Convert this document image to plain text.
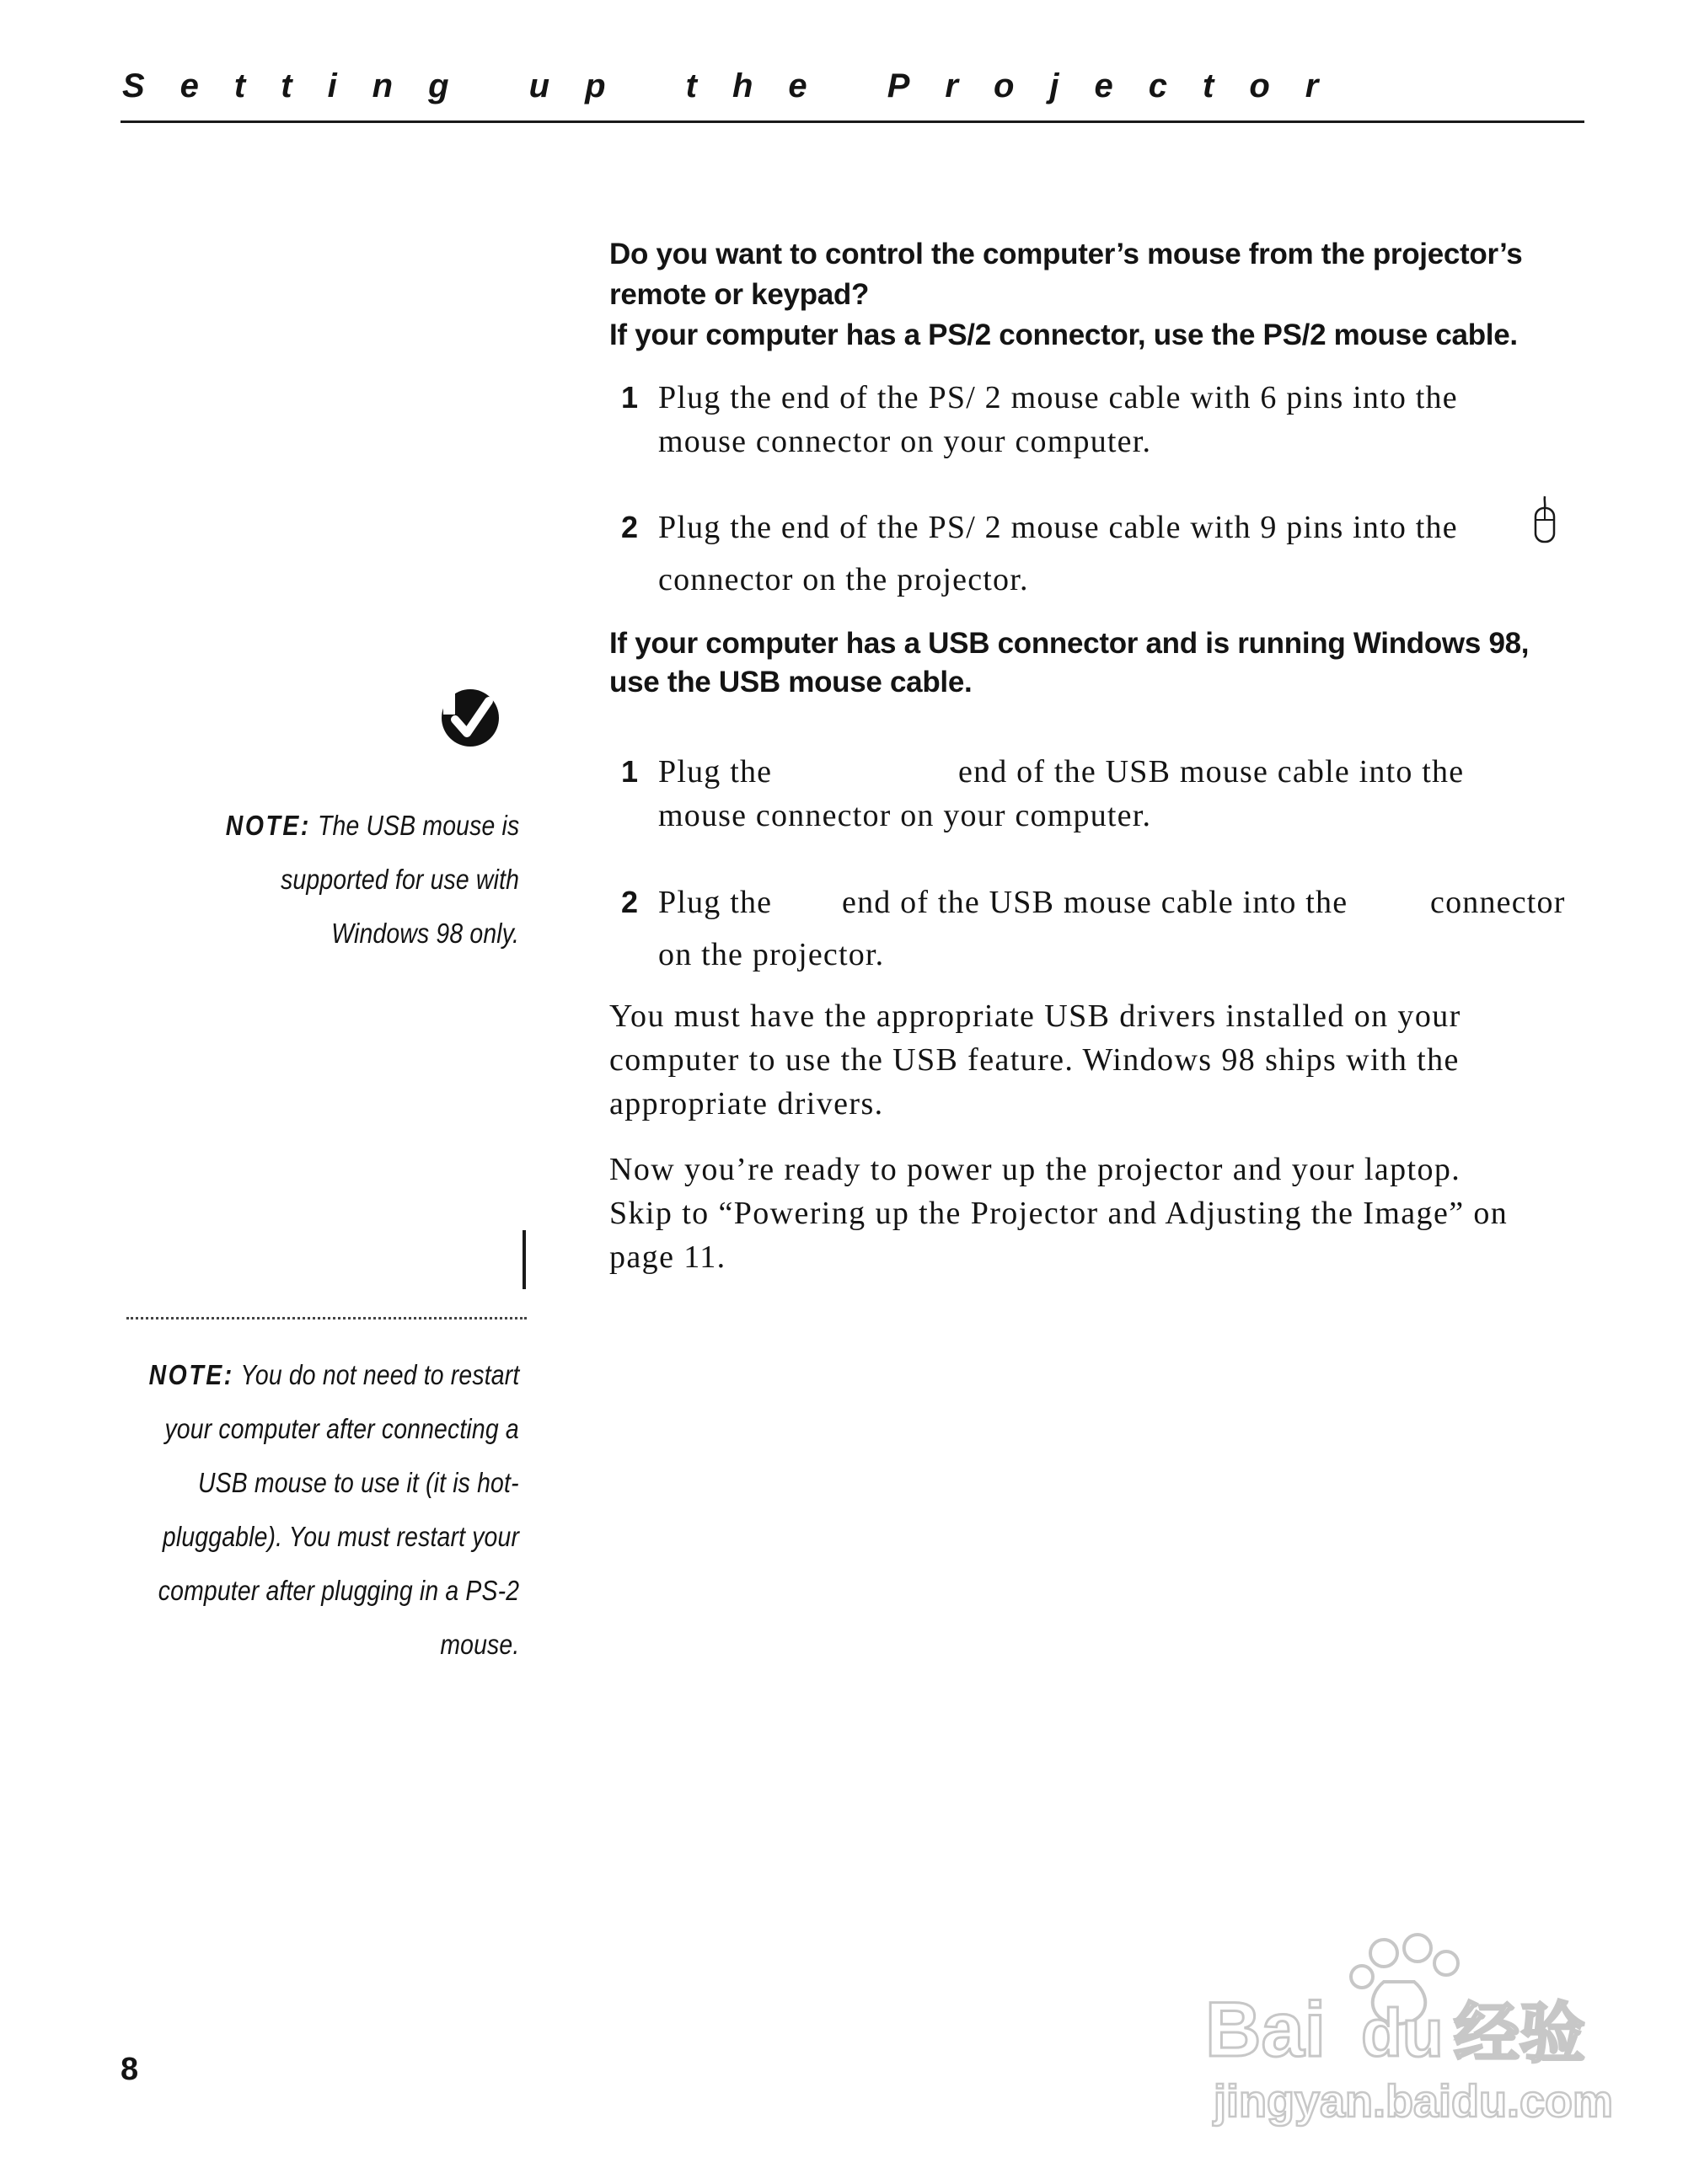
Setting up the Projector
Do you want to control the computer’s mouse from the projector’s
remote or keypad?
If your computer has a PS/2 connector, use the PS/2 mouse cable.
1 Plug the end of the PS/ 2 mouse cable with 6 pins into the
mouse connector on your computer.
2 Plug the end of the PS/ 2 mouse cable with 9 pins into the
connector on the projector.
If your computer has a USB connector and is running Windows 98,
use the USB mouse cable.
1 Plug the	end of the USB mouse cable into the
mouse connector on your computer.
2 Plug the end of the USB mouse cable into the	connector
on the projector.
You must have the appropriate USB drivers installed on your
computer to use the USB feature. Windows 98 ships with the
appropriate drivers.
Now you’re ready to power up the projector and your laptop.
Skip to “Powering up the Projector and Adjusting the Image” on
page 11.
NOTE: The USB mouse is
supported for use with
Windows 98 only.
NOTE: You do not need to restart
your computer after connecting a
USB mouse to use it (it is hot-
pluggable). You must restart your
computer after plugging in a PS-2
mouse.
8	Bai du 经验
jingyan.baidu.com
